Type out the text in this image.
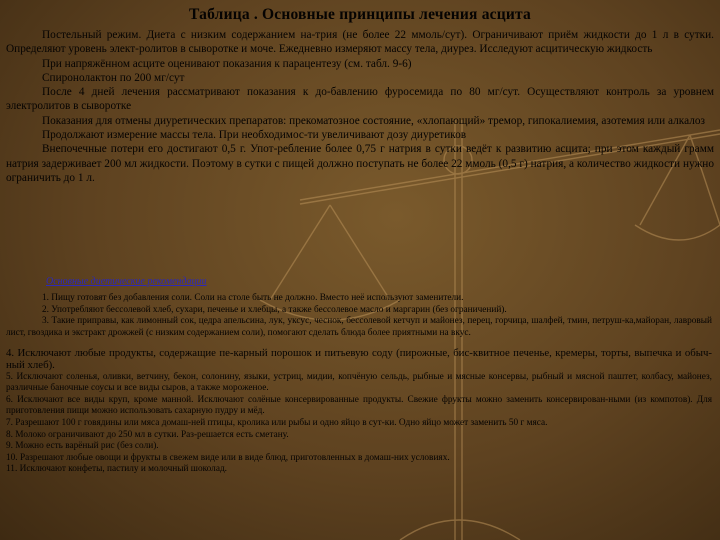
Таблица . Основные принципы лечения асцита

Постельный режим. Диета с низким содержанием на-трия (не более 22 ммоль/сут). Ограничивают приём жидкости до 1 л в сутки. Определяют уровень элект-ролитов в сыворотке и моче. Ежедневно измеряют массу тела, диурез. Исследуют асцитическую жидкость

При напряжённом асците оценивают показания к парацентезу (см. табл. 9-6)

Спиронолактон по 200 мг/сут

После 4 дней лечения рассматривают показания к до-бавлению фуросемида по 80 мг/сут. Осуществляют контроль за уровнем электролитов в сыворотке

Показания для отмены диуретических препаратов: прекоматозное состояние, «хлопающий» тремор, гипокалиемия, азотемия или алкалоз

Продолжают измерение массы тела. При необходимос-ти увеличивают дозу диуретиков

Внепочечные потери его достигают 0,5 г. Упот-ребление более 0,75 г натрия в сутки ведёт к развитию асцита; при этом каждый грамм натрия задерживает 200 мл жидкости. Поэтому в сутки с пищей должно поступать не более 22 ммоль (0,5 г) натрия, а количество жидкости нужно ограничить до 1 л.

Основные диетические рекомендации

1. Пищу готовят без добавления соли. Соли на столе быть не должно. Вместо неё используют заменители.

2. Употребляют бессолевой хлеб, сухари, печенье и хлебцы, а также бессолевое масло и маргарин (без ограничений).

3. Такие приправы, как лимонный сок, цедра апельсина, лук, уксус, чеснок, бессолевой кетчуп и майонез, перец, горчица, шалфей, тмин, петруш-ка,майоран, лавровый лист, гвоздика и экстракт дрожжей (с низким содержанием соли), помогают сделать блюда более приятными на вкус.

4. Исключают любые продукты, содержащие пе-карный порошок и питьевую соду (пирожные, бис-квитное печенье, кремеры, торты, выпечка и обыч-ный хлеб).

5. Исключают соленья, оливки, ветчину, бекон, солонину, языки, устриц, мидии, копчёную сельдь, рыбные и мясные консервы, рыбный и мясной паштет, колбасу, майонез, различные баночные соусы и все виды сыров, а также мороженое.

6. Исключают все виды круп, кроме манной. Исключают солёные консервированные продукты. Свежие фрукты можно заменить консервирован-ными (из компотов). Для приготовления пищи можно использовать сахарную пудру и мёд.

7. Разрешают 100 г говядины или мяса домаш-ней птицы, кролика или рыбы и одно яйцо в сут-ки. Одно яйцо может заменить 50 г мяса.

8. Молоко ограничивают до 250 мл в сутки. Раз-решается есть сметану.

9. Можно есть варёный рис (без соли).

10. Разрешают любые овощи и фрукты в свежем виде или в виде блюд, приготовленных в домаш-них условиях.

11. Исключают конфеты, пастилу и молочный шоколад.
